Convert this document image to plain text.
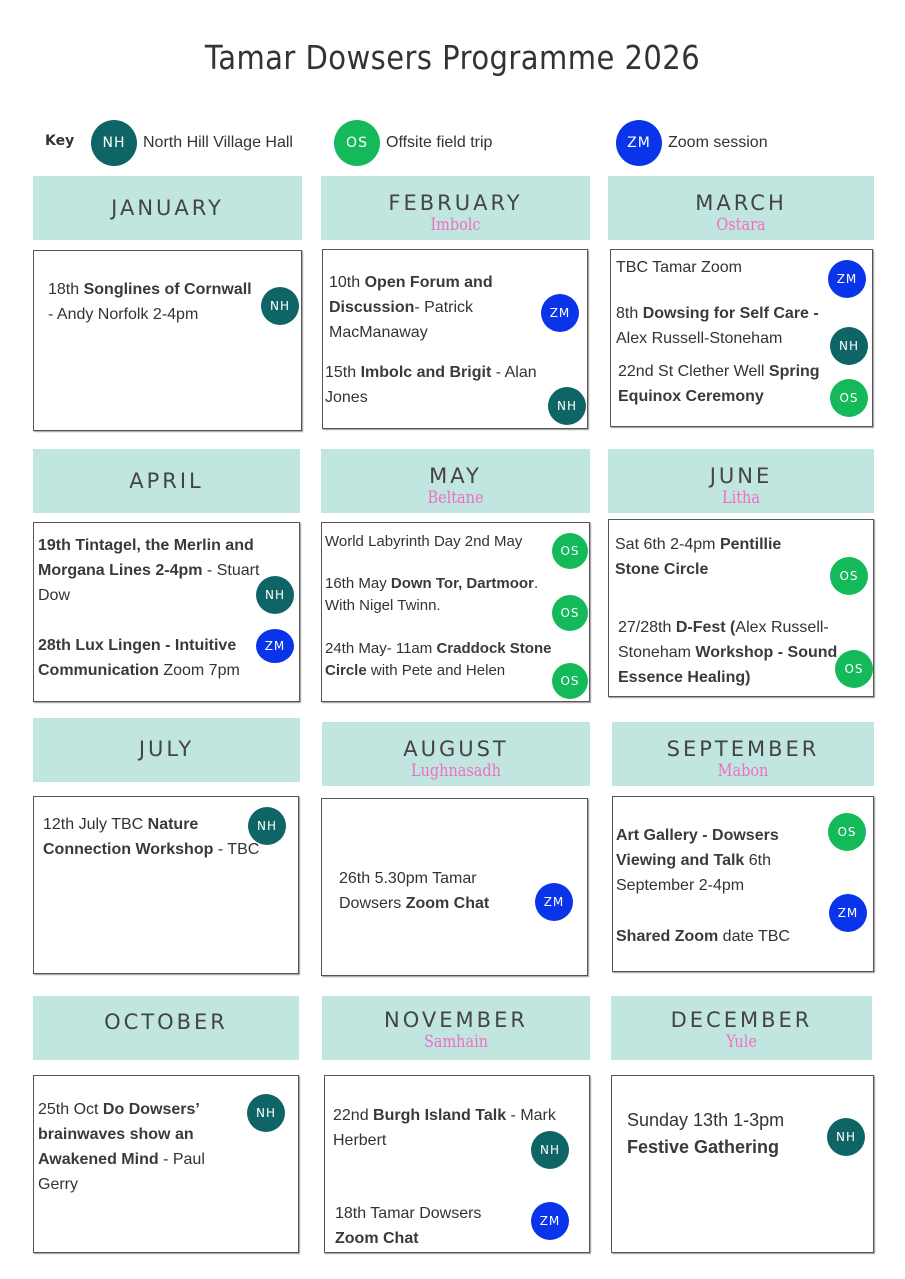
Tamar Dowsers Programme 2026
Key	NH	North Hill Village Hall	OS	Offsite field trip	ZM	Zoom session
JANUARY
18th Songlines of Cornwall - Andy Norfolk 2-4pm	NH
FEBRUARY
Imbolc
10th Open Forum and Discussion- Patrick MacManaway
ZM
15th Imbolc and Brigit - Alan Jones	NH
MARCH
Ostara
TBC Tamar Zoom
ZM
8th Dowsing for Self Care - Alex Russell-Stoneham	NH
22nd St Clether Well Spring Equinox Ceremony	OS
APRIL
19th Tintagel, the Merlin and Morgana Lines 2-4pm - Stuart Dow	NH
28th Lux Lingen - Intuitive Communication Zoom 7pm
ZM
MAY
Beltane
World Labyrinth Day 2nd May
OS
16th May Down Tor, Dartmoor. With Nigel Twinn.	OS
24th May- 11am Craddock Stone Circle with Pete and Helen
OS
JUNE
Litha
Sat 6th 2-4pm Pentillie Stone Circle	OS
27/28th D-Fest (Alex Russell-Stoneham Workshop - Sound Essence Healing)	OS
JULY
12th July TBC Nature Connection Workshop - TBC
NH
AUGUST
Lughnasadh
26th 5.30pm Tamar Dowsers Zoom Chat	ZM
SEPTEMBER
Mabon
Art Gallery - Dowsers Viewing and Talk 6th September 2-4pm
OS
Shared Zoom date TBC
ZM
OCTOBER
25th Oct Do Dowsers’ brainwaves show an Awakened Mind - Paul Gerry
NH
NOVEMBER
Samhain
22nd Burgh Island Talk - Mark Herbert
NH
18th Tamar Dowsers Zoom Chat
ZM
DECEMBER
Yule
Sunday 13th 1-3pm Festive Gathering	NH
